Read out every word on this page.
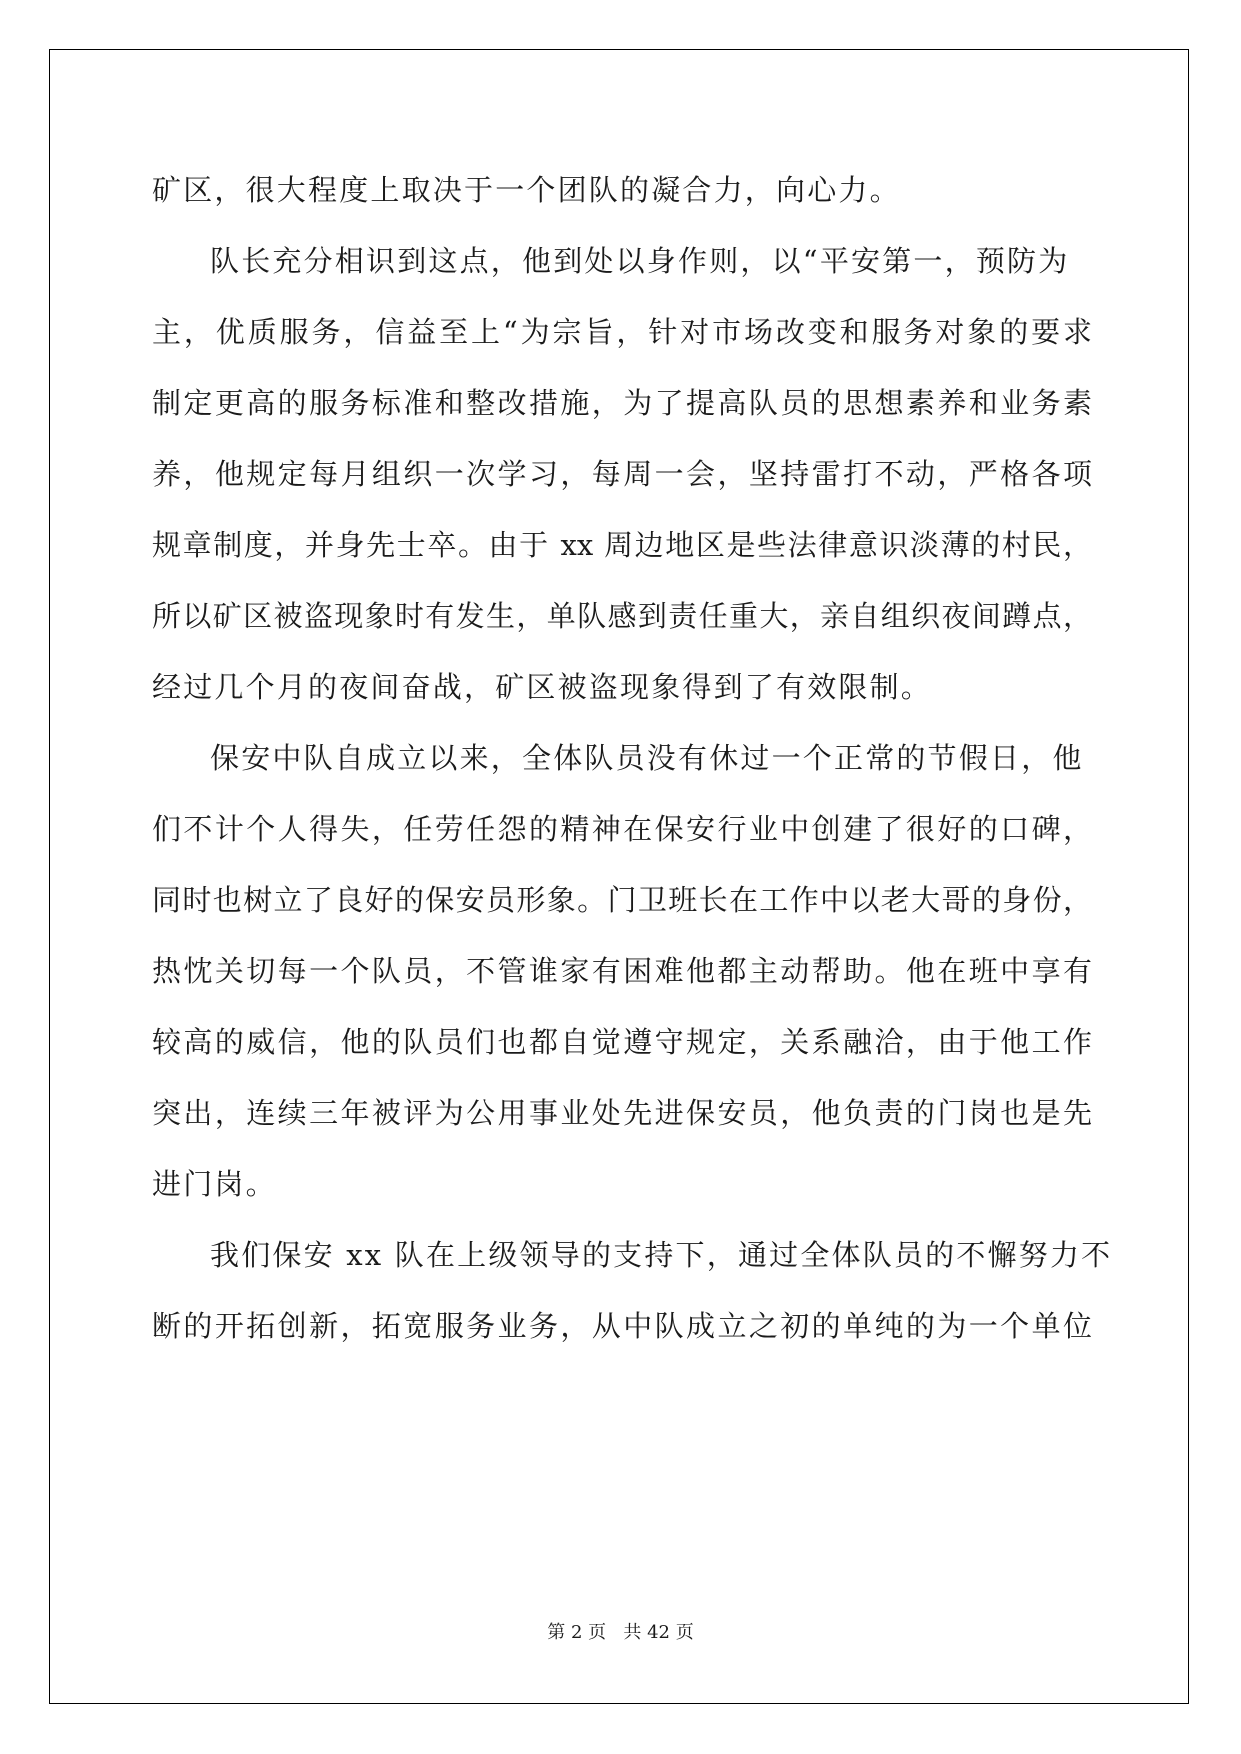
矿区，很大程度上取决于一个团队的凝合力，向心力。
队长充分相识到这点，他到处以身作则，以“平安第一，预防为
主，优质服务，信益至上“为宗旨，针对市场改变和服务对象的要求
制定更高的服务标准和整改措施，为了提高队员的思想素养和业务素
养，他规定每月组织一次学习，每周一会，坚持雷打不动，严格各项
规章制度，并身先士卒。由于 xx 周边地区是些法律意识淡薄的村民，
所以矿区被盗现象时有发生，单队感到责任重大，亲自组织夜间蹲点，
经过几个月的夜间奋战，矿区被盗现象得到了有效限制。
保安中队自成立以来，全体队员没有休过一个正常的节假日，他
们不计个人得失，任劳任怨的精神在保安行业中创建了很好的口碑，
同时也树立了良好的保安员形象。门卫班长在工作中以老大哥的身份，
热忱关切每一个队员，不管谁家有困难他都主动帮助。他在班中享有
较高的威信，他的队员们也都自觉遵守规定，关系融洽，由于他工作
突出，连续三年被评为公用事业处先进保安员，他负责的门岗也是先
进门岗。
我们保安 xx 队在上级领导的支持下，通过全体队员的不懈努力不
断的开拓创新，拓宽服务业务，从中队成立之初的单纯的为一个单位
第 2 页 共 42 页
